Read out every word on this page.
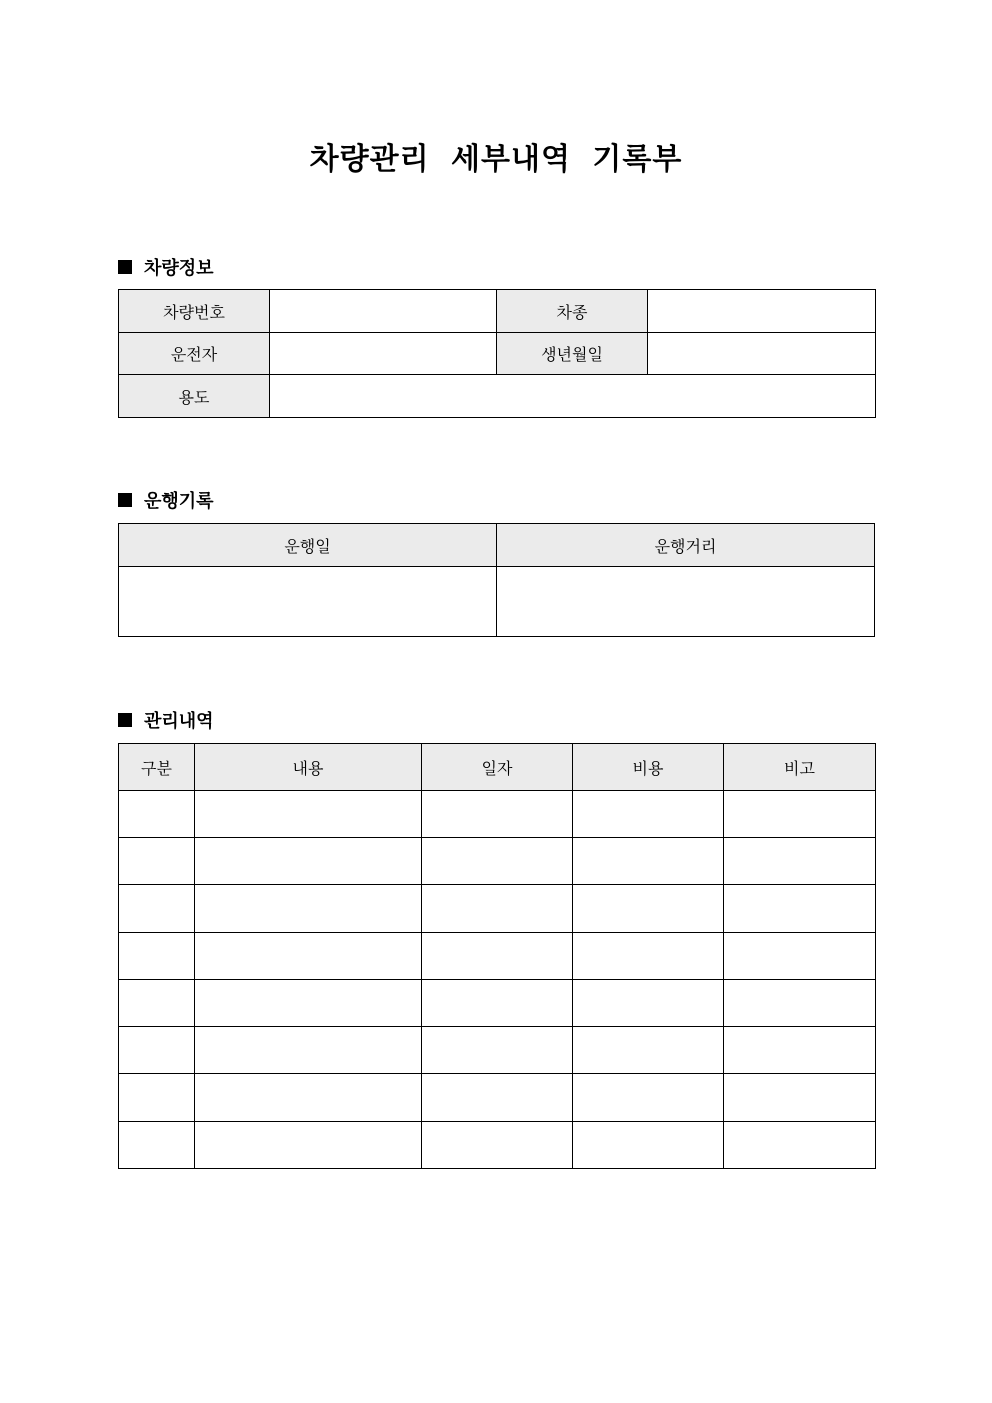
차량관리 세부내역 기록부
차량정보
차량번호		차종	
운전자		생년월일	
용도			
운행기록
운행일	운행거리

관리내역
구분	내용	일자	비용	비고
